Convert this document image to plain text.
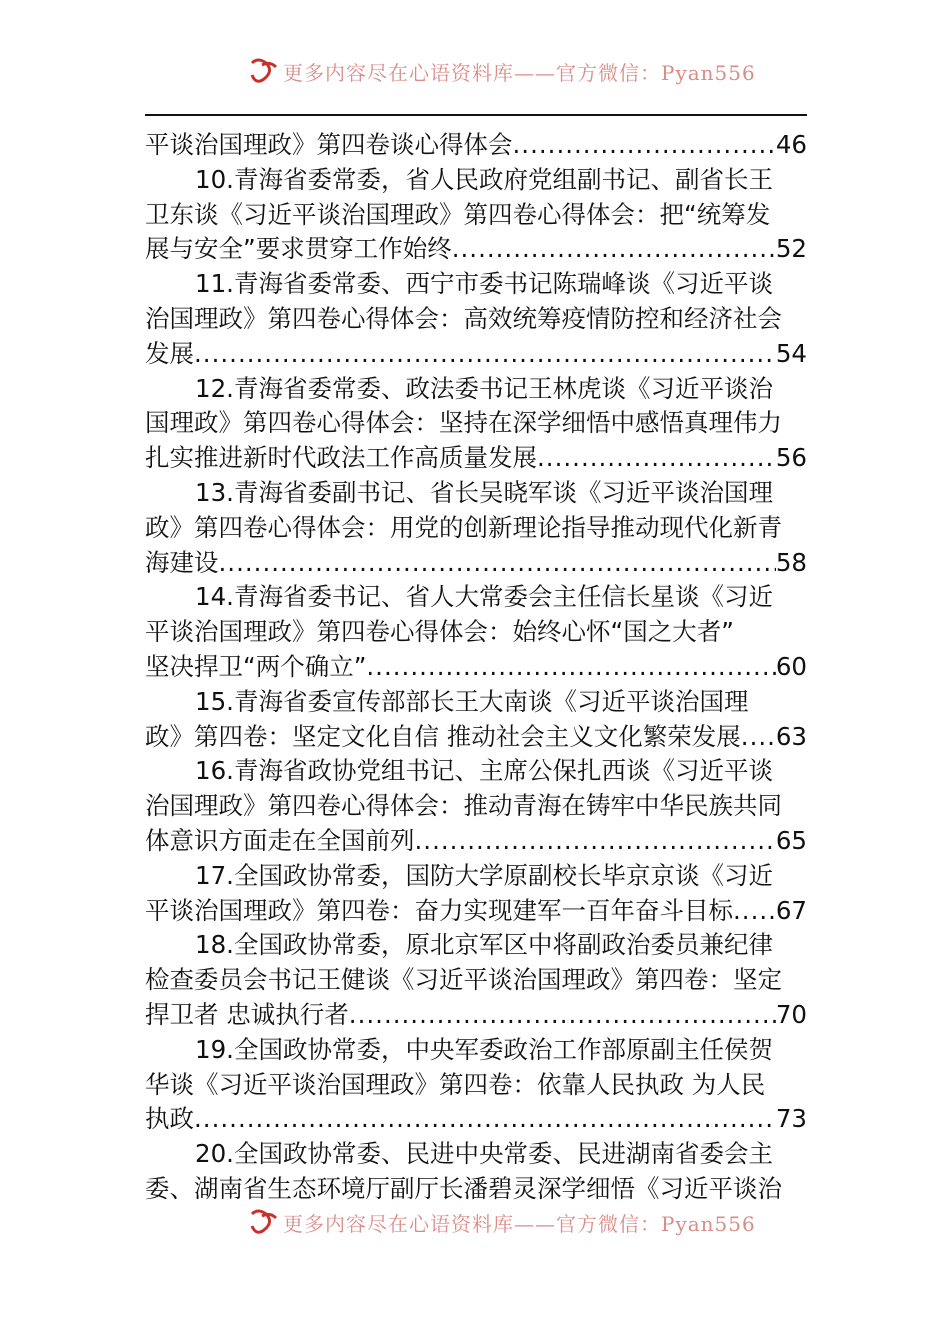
更多内容尽在心语资料库——官方微信：Pyan556
平谈治国理政》第四卷谈心得体会 .....	46
10.青海省委常委，省人民政府党组副书记、副省长王
卫东谈《习近平谈治国理政》第四卷心得体会：把“统筹发
展与安全”要求贯穿工作始终 .....	52
11.青海省委常委、西宁市委书记陈瑞峰谈《习近平谈
治国理政》第四卷心得体会：高效统筹疫情防控和经济社会
发展 .....	54
12.青海省委常委、政法委书记王林虎谈《习近平谈治
国理政》第四卷心得体会：坚持在深学细悟中感悟真理伟力
扎实推进新时代政法工作高质量发展 .....	56
13.青海省委副书记、省长吴晓军谈《习近平谈治国理
政》第四卷心得体会：用党的创新理论指导推动现代化新青
海建设 .....	58
14.青海省委书记、省人大常委会主任信长星谈《习近
平谈治国理政》第四卷心得体会：始终心怀“国之大者”
坚决捍卫“两个确立” .....	60
15.青海省委宣传部部长王大南谈《习近平谈治国理
政》第四卷：坚定文化自信 推动社会主义文化繁荣发展 ..... 63
16.青海省政协党组书记、主席公保扎西谈《习近平谈
治国理政》第四卷心得体会：推动青海在铸牢中华民族共同
体意识方面走在全国前列 .....	65
17.全国政协常委，国防大学原副校长毕京京谈《习近
平谈治国理政》第四卷：奋力实现建军一百年奋斗目标 ..... 67
18.全国政协常委，原北京军区中将副政治委员兼纪律
检查委员会书记王健谈《习近平谈治国理政》第四卷：坚定
捍卫者 忠诚执行者 .....	70
19.全国政协常委，中央军委政治工作部原副主任侯贺
华谈《习近平谈治国理政》第四卷：依靠人民执政 为人民
执政 .....	73
20.全国政协常委、民进中央常委、民进湖南省委会主
委、湖南省生态环境厅副厅长潘碧灵深学细悟《习近平谈治
更多内容尽在心语资料库——官方微信：Pyan556
